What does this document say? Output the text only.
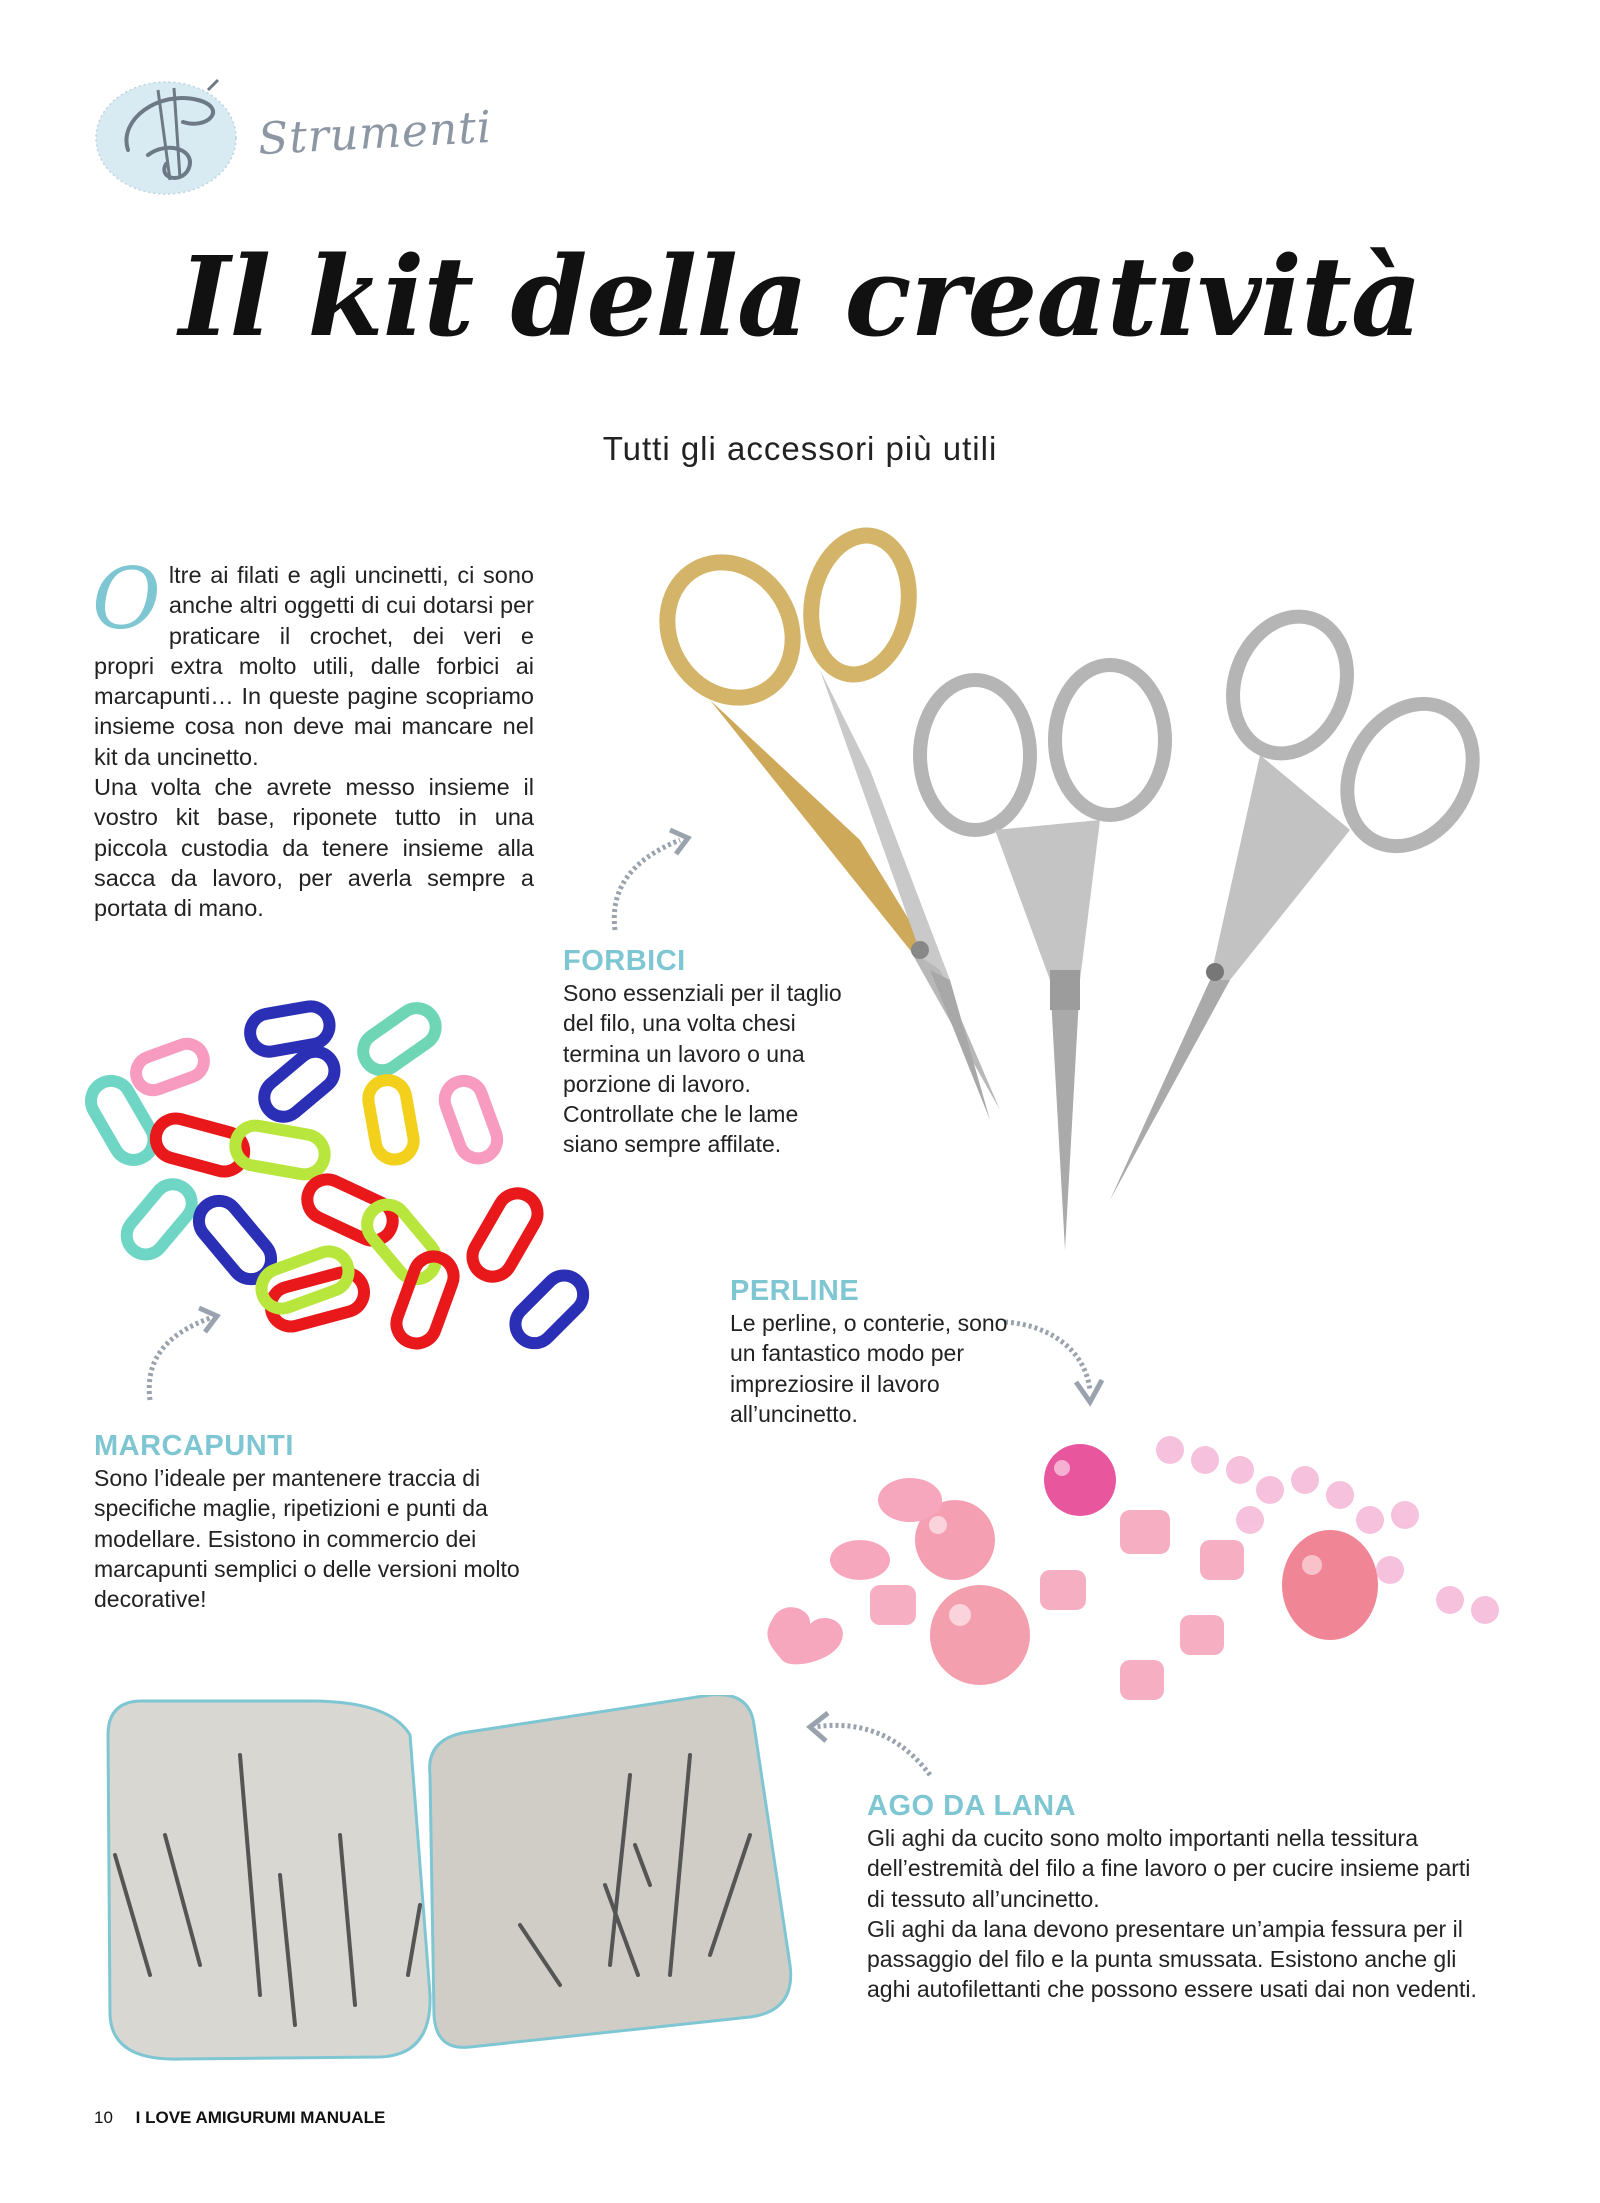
Strumenti
Il kit della creatività
Tutti gli accessori più utili
O ltre ai filati e agli uncinetti, ci sono anche altri oggetti di cui dotarsi per praticare il crochet, dei veri e propri extra molto utili, dalle forbici ai marcapunti… In queste pagine scopriamo insieme cosa non deve mai mancare nel kit da uncinetto.

Una volta che avrete messo insieme il vostro kit base, riponete tutto in una piccola custodia da tenere insieme alla sacca da lavoro, per averla sempre a portata di mano.

FORBICI
Sono essenziali per il taglio del filo, una volta chesi termina un lavoro o una porzione di lavoro. Controllate che le lame siano sempre affilate.
PERLINE
Le perline, o conterie, sono un fantastico modo per impreziosire il lavoro all’uncinetto.
MARCAPUNTI
Sono l’ideale per mantenere traccia di specifiche maglie, ripetizioni e punti da modellare. Esistono in commercio dei marcapunti semplici o delle versioni molto decorative!
AGO DA LANA
Gli aghi da cucito sono molto importanti nella tessitura dell’estremità del filo a fine lavoro o per cucire insieme parti di tessuto all’uncinetto.
Gli aghi da lana devono presentare un’ampia fessura per il passaggio del filo e la punta smussata. Esistono anche gli aghi autofilettanti che possono essere usati dai non vedenti.
10 I LOVE AMIGURUMI MANUALE
